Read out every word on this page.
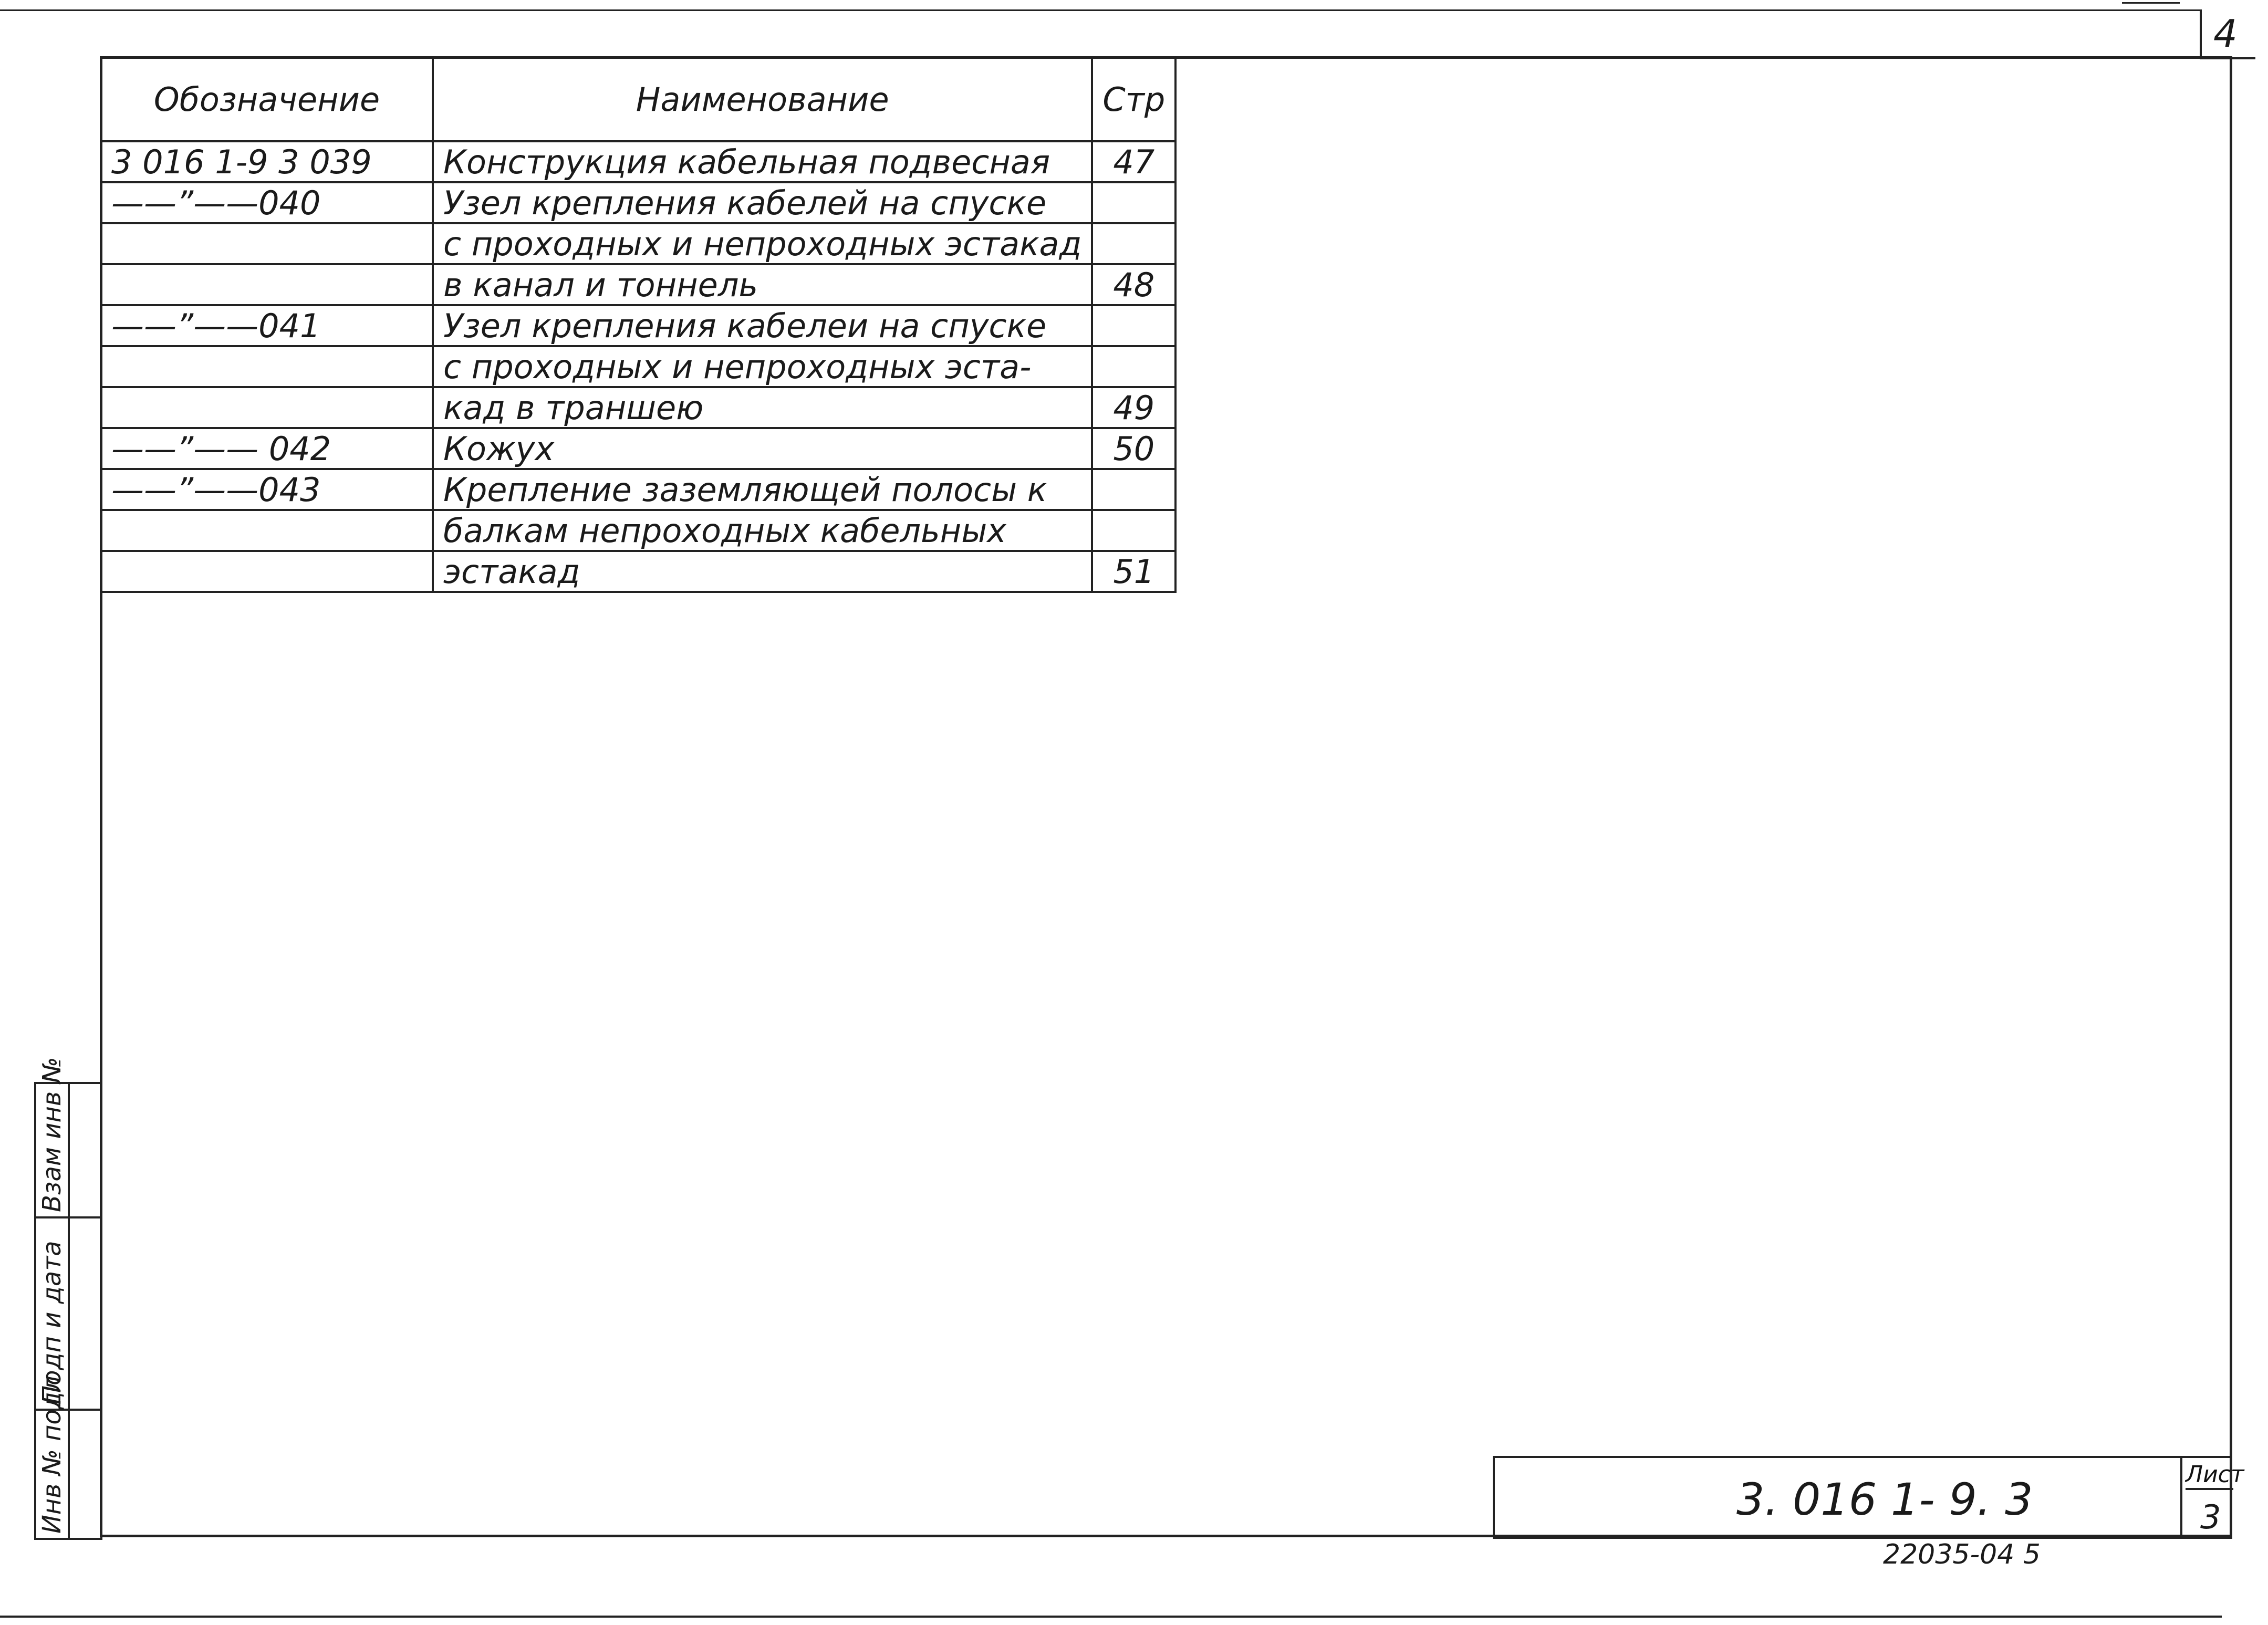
4
Обозначение	Наименование	Стр
3 016 1-9 3 039	Конструкция кабельная подвесная	47
——”——040	Узел крепления кабелей на спуске	
	с проходных и непроходных эстакад	
	в канал и тоннель	48
——”——041	Узел крепления кабелеи на спуске	
	с проходных и непроходных эста-	
	кад в траншею	49
——”—— 042	Кожух	50
——”——043	Крепление заземляющей полосы к	
	балкам непроходных кабельных	
	эстакад	51
Взам инв №
Подп и дата
Инв № подл	3. 016 1- 9. 3	Лист
3
22035-04 5
